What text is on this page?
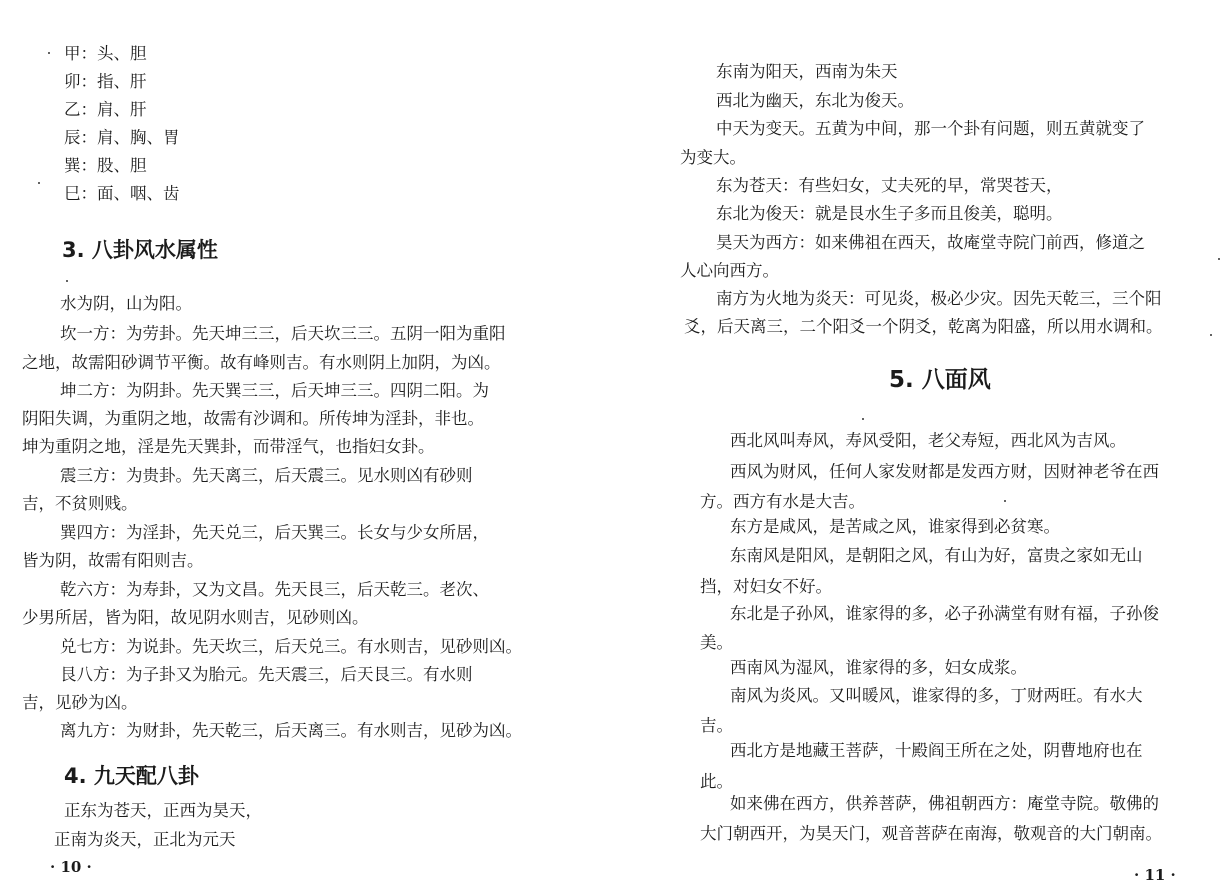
甲：头、胆
卯：指、肝
乙：肩、肝
辰：肩、胸、胃
巽：股、胆
巳：面、咽、齿
3. 八卦风水属性
水为阴，山为阳。
坎一方：为劳卦。先天坤三三，后天坎三三。五阴一阳为重阳
之地，故需阳砂调节平衡。故有峰则吉。有水则阴上加阴，为凶。
坤二方：为阴卦。先天巽三三，后天坤三三。四阴二阳。为
阴阳失调，为重阴之地，故需有沙调和。所传坤为淫卦，非也。
坤为重阴之地，淫是先天巽卦，而带淫气，也指妇女卦。
震三方：为贵卦。先天离三，后天震三。见水则凶有砂则
吉，不贫则贱。
巽四方：为淫卦，先天兑三，后天巽三。长女与少女所居，
皆为阴，故需有阳则吉。
乾六方：为寿卦，又为文昌。先天艮三，后天乾三。老次、
少男所居，皆为阳，故见阴水则吉，见砂则凶。
兑七方：为说卦。先天坎三，后天兑三。有水则吉，见砂则凶。
艮八方：为子卦又为胎元。先天震三，后天艮三。有水则
吉，见砂为凶。
离九方：为财卦，先天乾三，后天离三。有水则吉，见砂为凶。
4. 九天配八卦
正东为苍天，正西为昊天，
正南为炎天，正北为元天
· 10 ·
东南为阳天，西南为朱天
西北为幽天，东北为俊天。
中天为变天。五黄为中间，那一个卦有问题，则五黄就变了
为变大。
东为苍天：有些妇女，丈夫死的早，常哭苍天，
东北为俊天：就是艮水生子多而且俊美，聪明。
昊天为西方：如来佛祖在西天，故庵堂寺院门前西，修道之
人心向西方。
南方为火地为炎天：可见炎，极必少灾。因先天乾三，三个阳
爻，后天离三，二个阳爻一个阴爻，乾离为阳盛，所以用水调和。
5. 八面风
西北风叫寿风，寿风受阳，老父寿短，西北风为吉风。
西风为财风，任何人家发财都是发西方财，因财神老爷在西
方。西方有水是大吉。
东方是咸风，是苦咸之风，谁家得到必贫寒。
东南风是阳风，是朝阳之风，有山为好，富贵之家如无山
挡，对妇女不好。
东北是子孙风，谁家得的多，必子孙满堂有财有福，子孙俊
美。
西南风为湿风，谁家得的多，妇女成浆。
南风为炎风。又叫暖风，谁家得的多，丁财两旺。有水大
吉。
西北方是地藏王菩萨，十殿阎王所在之处，阴曹地府也在
此。
如来佛在西方，供养菩萨，佛祖朝西方：庵堂寺院。敬佛的
大门朝西开，为昊天门，观音菩萨在南海，敬观音的大门朝南。
· 11 ·
